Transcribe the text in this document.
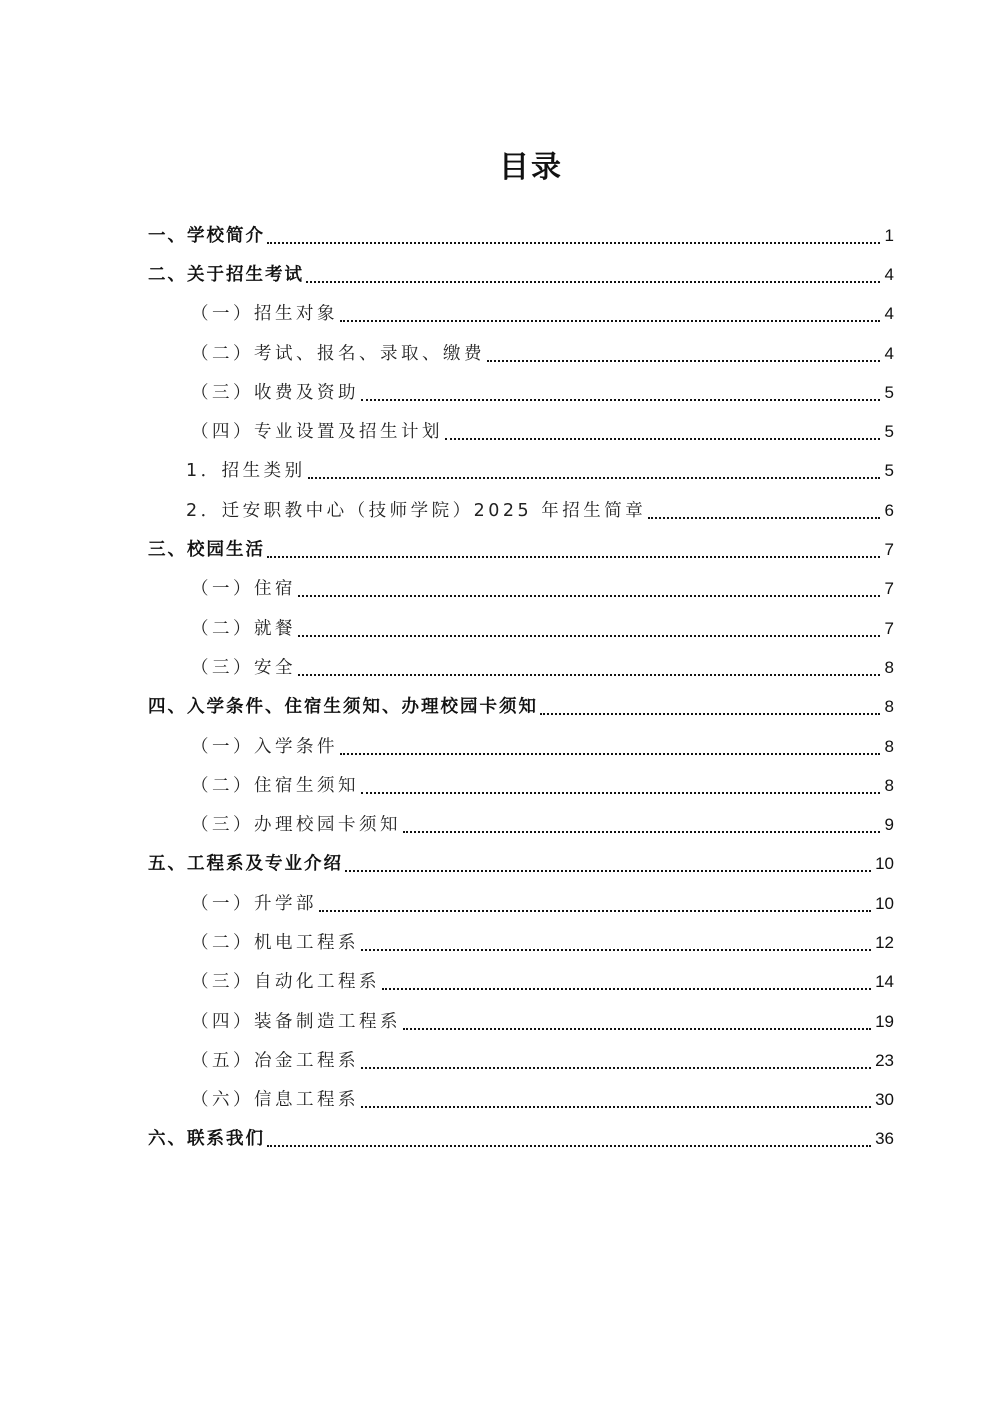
目录
一、学校简介	1
二、关于招生考试	4
（一）招生对象	4
（二）考试、报名、录取、缴费	4
（三）收费及资助	5
（四）专业设置及招生计划	5
1．招生类别	5
2．迁安职教中心（技师学院）2025 年招生简章	6
三、校园生活	7
（一）住宿	7
（二）就餐	7
（三）安全	8
四、入学条件、住宿生须知、办理校园卡须知	8
（一）入学条件	8
（二）住宿生须知	8
（三）办理校园卡须知	9
五、工程系及专业介绍	10
（一）升学部	10
（二）机电工程系	12
（三）自动化工程系	14
（四）装备制造工程系	19
（五）冶金工程系	23
（六）信息工程系	30
六、联系我们	36
